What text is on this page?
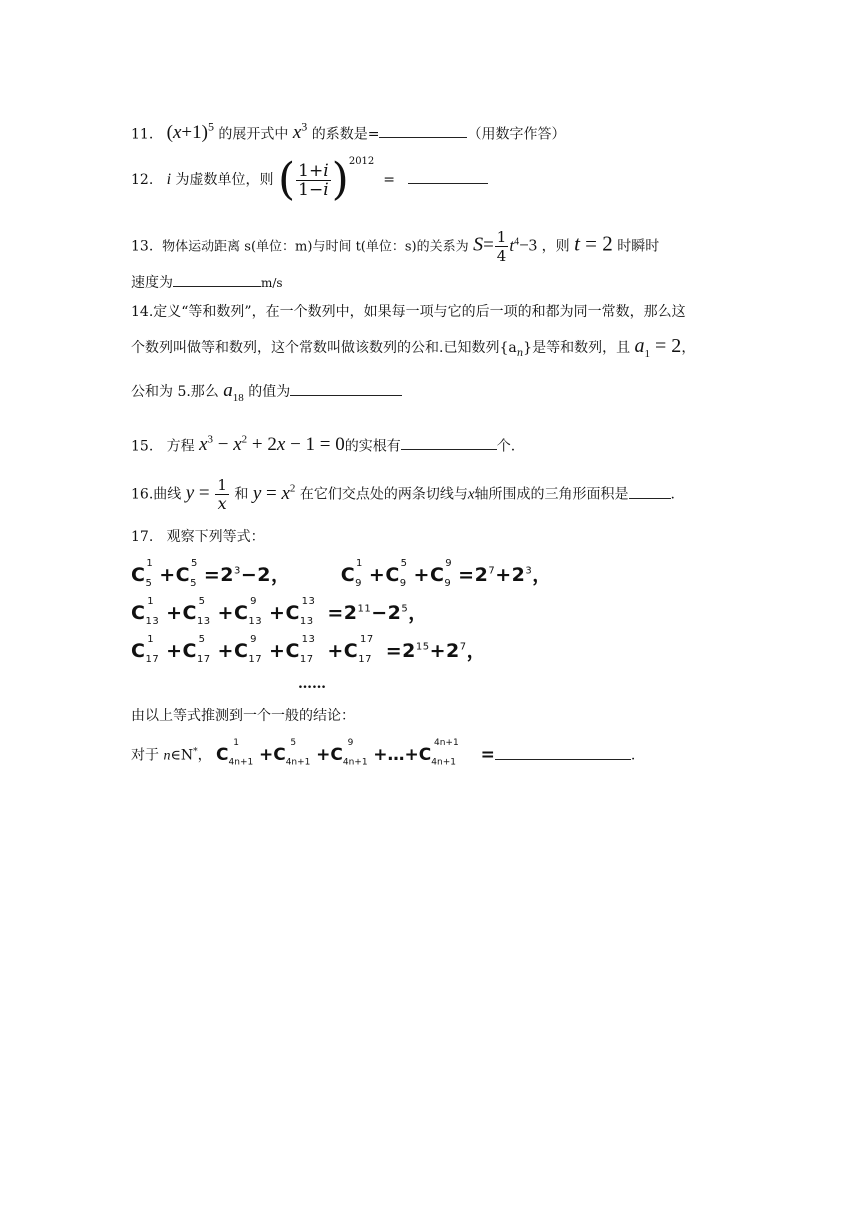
11. $(x+1)^5$ 的展开式中 $x^3$ 的系数是=	（用数字作答）
12. i 为虚数单位，则 ( $\frac{1+i}{1-i} )^{2012}$  =
13. 物体运动距离 s(单位：m)与时间 t(单位：s)的关系为 $S= \frac{1}{4} t^4-3$ ，则 t = 2 时瞬时
速度为	m/s
14.定义“等和数列”，在一个数列中，如果每一项与它的后一项的和都为同一常数，那么这
个数列叫做等和数列，这个常数叫做该数列的公和.已知数列$\{a_n\}$是等和数列，且 $a_1 = 2$，
公和为 5.那么 $a_{18}$ 的值为
15. 方程 $x^3 - x^2 + 2x - 1 = 0$的实根有	个.
16.曲线 $y = \frac{1}{x}$ 和 $y = x^2$ 在它们交点处的两条切线与x轴所围成的三角形面积是	.
17. 观察下列等式：
$C_5^1+C_5^5=2^3-2$，  $C_9^1+C_9^5+C_9^9=2^7+2^3$，
$C_{13}^1+C_{13}^5+C_{13}^9+C_{13}^{13}=2^{11}-2^5$，
$C_{17}^1+C_{17}^5+C_{17}^9+C_{17}^{13}+C_{17}^{17}=2^{15}+2^7$，
……
由以上等式推测到一个一般的结论：
对于 n∈N*， $C_{4n+1}^1+C_{4n+1}^5+C_{4n+1}^9+\dots+C_{4n+1}^{4n+1}=$	.
